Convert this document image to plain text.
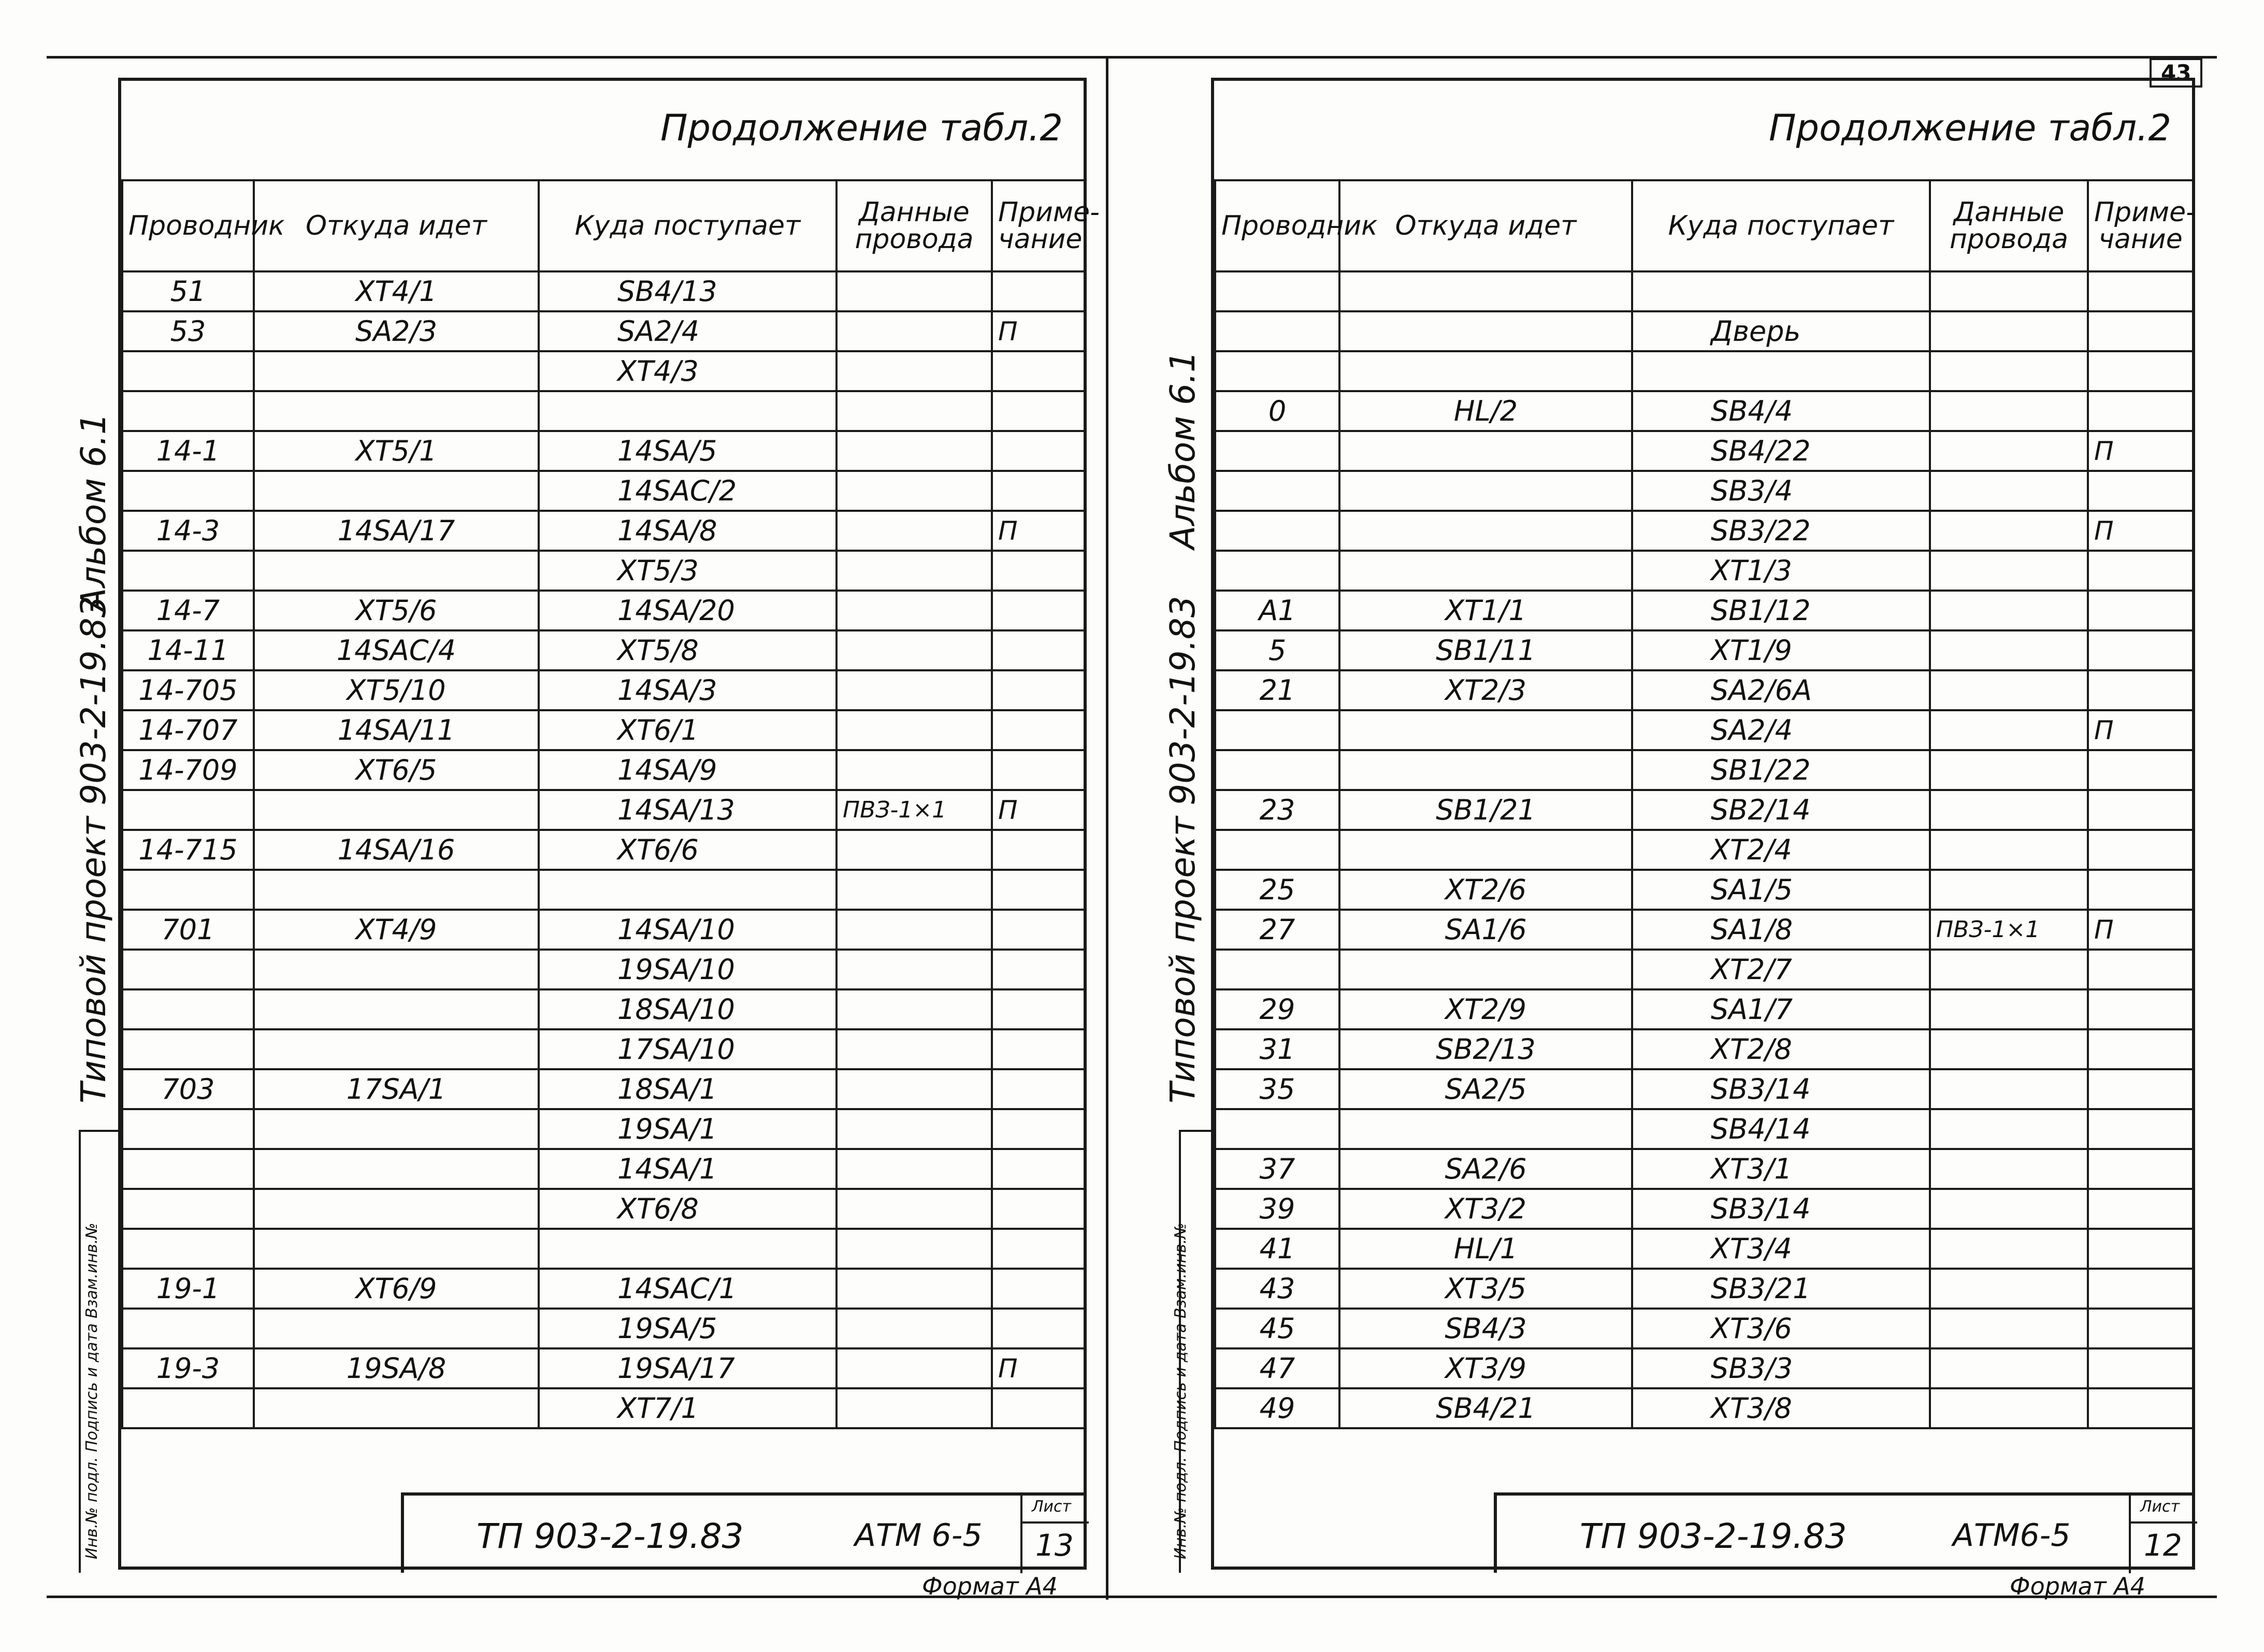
Продолжение табл.2
Проводник	Откуда идет	Куда поступает	Данные провода	Приме-чание
51	XT4/1	SB4/13		
53	SA2/3	SA2/4		П
		XT4/3		

14-1	XT5/1	14SA/5		
		14SAC/2		
14-3	14SA/17	14SA/8		П
		XT5/3		
14-7	XT5/6	14SA/20		
14-11	14SAC/4	XT5/8		
14-705	XT5/10	14SA/3		
14-707	14SA/11	XT6/1		
14-709	XT6/5	14SA/9		
		14SA/13	ПВЗ-1×1	П
14-715	14SA/16	XT6/6		

701	XT4/9	14SA/10		
		19SA/10		
		18SA/10		
		17SA/10		
703	17SA/1	18SA/1		
		19SA/1		
		14SA/1		
		XT6/8		

19-1	XT6/9	14SAC/1		
		19SA/5		
19-3	19SA/8	19SA/17		П
		XT7/1		
ТП 903-2-19.83	АТМ 6-5
Лист
13
Формат А4
Типовой проект 903-2-19.83
Альбом 6.1
Инв.№ подл. Подпись и дата Взам.инв.№
43
Продолжение табл.2
Проводник	Откуда идет	Куда поступает	Данные провода	Приме-чание

		Дверь		

0	HL/2	SB4/4		
		SB4/22		П
		SB3/4		
		SB3/22		П
		XT1/3		
A1	XT1/1	SB1/12		
5	SB1/11	XT1/9		
21	XT2/3	SA2/6A		
		SA2/4		П
		SB1/22		
23	SB1/21	SB2/14		
		XT2/4		
25	XT2/6	SA1/5		
27	SA1/6	SA1/8	ПВЗ-1×1	П
		XT2/7		
29	XT2/9	SA1/7		
31	SB2/13	XT2/8		
35	SA2/5	SB3/14		
		SB4/14		
37	SA2/6	XT3/1		
39	XT3/2	SB3/14		
41	HL/1	XT3/4		
43	XT3/5	SB3/21		
45	SB4/3	XT3/6		
47	XT3/9	SB3/3		
49	SB4/21	XT3/8		
ТП 903-2-19.83	АТМ6-5
Лист
12
Формат А4
Типовой проект 903-2-19.83
Альбом 6.1
Инв.№ подл. Подпись и дата Взам.инв.№
